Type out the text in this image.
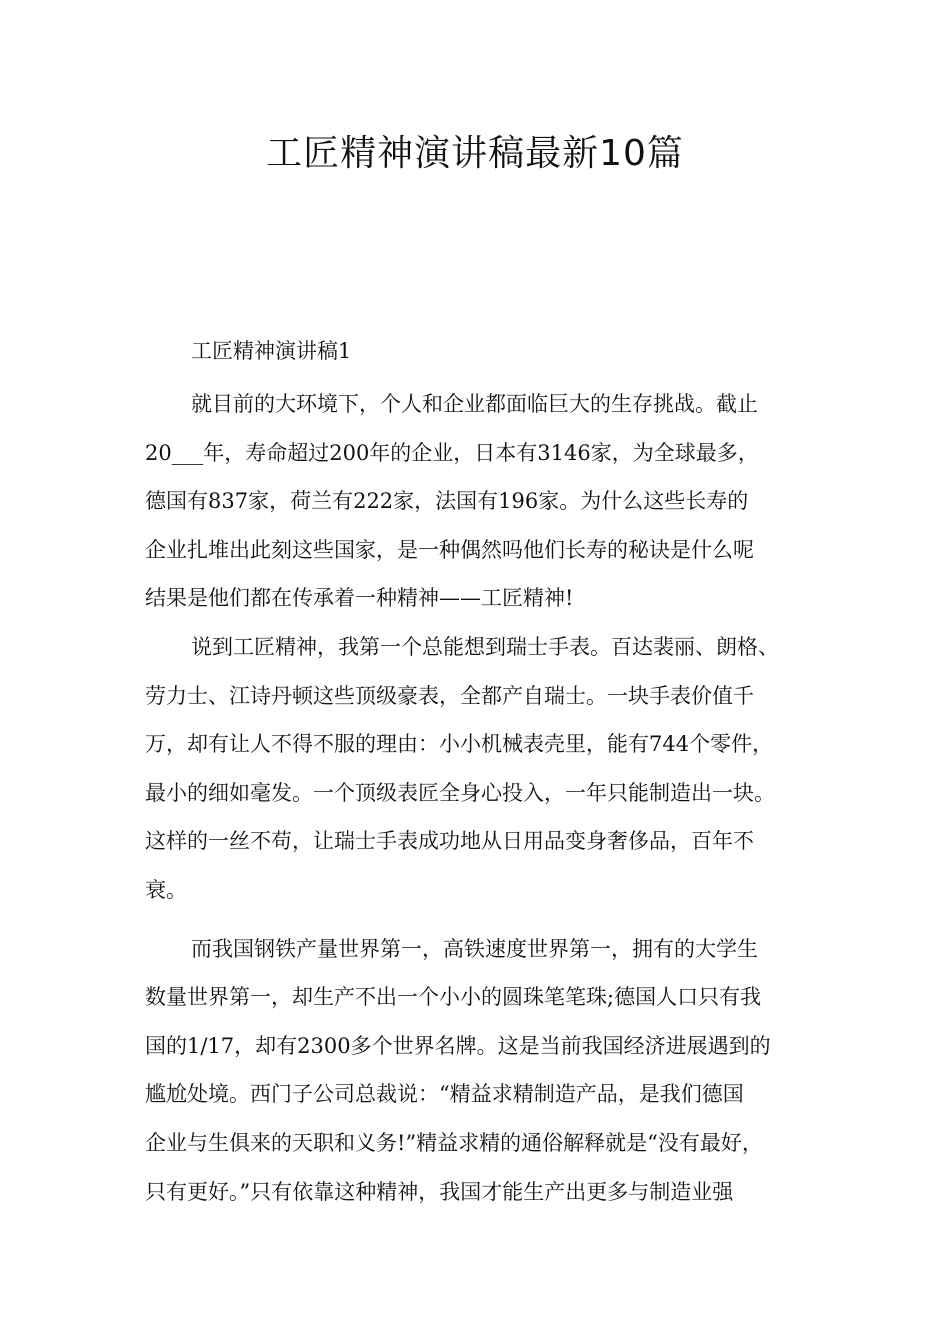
工匠精神演讲稿最新10篇

工匠精神演讲稿1

就目前的大环境下，个人和企业都面临巨大的生存挑战。截止

20___年，寿命超过200年的企业，日本有3146家，为全球最多，

德国有837家，荷兰有222家，法国有196家。为什么这些长寿的

企业扎堆出此刻这些国家，是一种偶然吗他们长寿的秘诀是什么呢

结果是他们都在传承着一种精神——工匠精神!

说到工匠精神，我第一个总能想到瑞士手表。百达裴丽、朗格、

劳力士、江诗丹顿这些顶级豪表，全都产自瑞士。一块手表价值千

万，却有让人不得不服的理由：小小机械表壳里，能有744个零件，

最小的细如毫发。一个顶级表匠全身心投入，一年只能制造出一块。

这样的一丝不苟，让瑞士手表成功地从日用品变身奢侈品，百年不

衰。

而我国钢铁产量世界第一，高铁速度世界第一，拥有的大学生

数量世界第一，却生产不出一个小小的圆珠笔笔珠;德国人口只有我

国的1/17，却有2300多个世界名牌。这是当前我国经济进展遇到的

尴尬处境。西门子公司总裁说：“精益求精制造产品，是我们德国

企业与生俱来的天职和义务!”精益求精的通俗解释就是“没有最好，

只有更好。”只有依靠这种精神，我国才能生产出更多与制造业强
